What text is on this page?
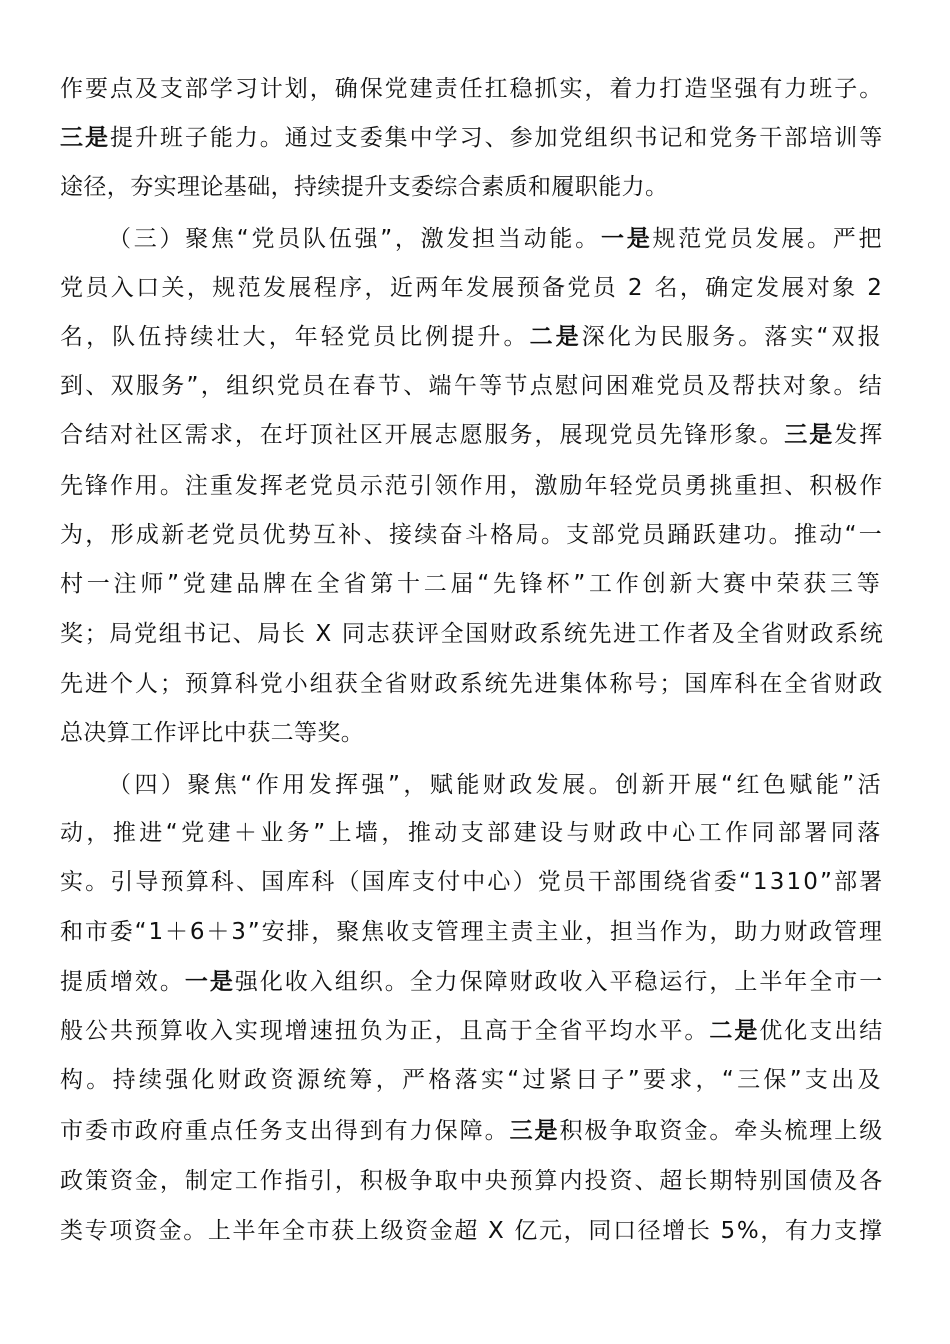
作要点及支部学习计划，确保党建责任扛稳抓实，着力打造坚强有力班子。
三是提升班子能力。通过支委集中学习、参加党组织书记和党务干部培训等
途径，夯实理论基础，持续提升支委综合素质和履职能力。
（三）聚焦“党员队伍强”，激发担当动能。一是规范党员发展。严把
党员入口关，规范发展程序，近两年发展预备党员 2 名，确定发展对象 2
名，队伍持续壮大，年轻党员比例提升。二是深化为民服务。落实“双报
到、双服务”，组织党员在春节、端午等节点慰问困难党员及帮扶对象。结
合结对社区需求，在圩顶社区开展志愿服务，展现党员先锋形象。三是发挥
先锋作用。注重发挥老党员示范引领作用，激励年轻党员勇挑重担、积极作
为，形成新老党员优势互补、接续奋斗格局。支部党员踊跃建功。推动“一
村一注师”党建品牌在全省第十二届“先锋杯”工作创新大赛中荣获三等
奖；局党组书记、局长 X 同志获评全国财政系统先进工作者及全省财政系统
先进个人；预算科党小组获全省财政系统先进集体称号；国库科在全省财政
总决算工作评比中获二等奖。
（四）聚焦“作用发挥强”，赋能财政发展。创新开展“红色赋能”活
动，推进“党建＋业务”上墙，推动支部建设与财政中心工作同部署同落
实。引导预算科、国库科（国库支付中心）党员干部围绕省委“1310”部署
和市委“1＋6＋3”安排，聚焦收支管理主责主业，担当作为，助力财政管理
提质增效。一是强化收入组织。全力保障财政收入平稳运行，上半年全市一
般公共预算收入实现增速扭负为正，且高于全省平均水平。二是优化支出结
构。持续强化财政资源统筹，严格落实“过紧日子”要求，“三保”支出及
市委市政府重点任务支出得到有力保障。三是积极争取资金。牵头梳理上级
政策资金，制定工作指引，积极争取中央预算内投资、超长期特别国债及各
类专项资金。上半年全市获上级资金超 X 亿元，同口径增长 5%，有力支撑
